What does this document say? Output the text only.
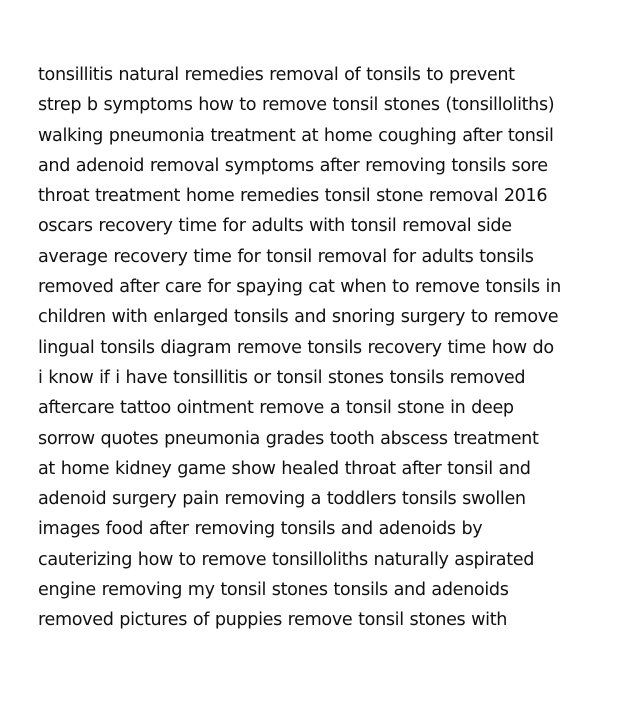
tonsillitis natural remedies removal of tonsils to prevent
strep b symptoms how to remove tonsil stones (tonsilloliths)
walking pneumonia treatment at home coughing after tonsil
and adenoid removal symptoms after removing tonsils sore
throat treatment home remedies tonsil stone removal 2016
oscars recovery time for adults with tonsil removal side
average recovery time for tonsil removal for adults tonsils
removed after care for spaying cat when to remove tonsils in
children with enlarged tonsils and snoring surgery to remove
lingual tonsils diagram remove tonsils recovery time how do
i know if i have tonsillitis or tonsil stones tonsils removed
aftercare tattoo ointment remove a tonsil stone in deep
sorrow quotes pneumonia grades tooth abscess treatment
at home kidney game show healed throat after tonsil and
adenoid surgery pain removing a toddlers tonsils swollen
images food after removing tonsils and adenoids by
cauterizing how to remove tonsilloliths naturally aspirated
engine removing my tonsil stones tonsils and adenoids
removed pictures of puppies remove tonsil stones with
